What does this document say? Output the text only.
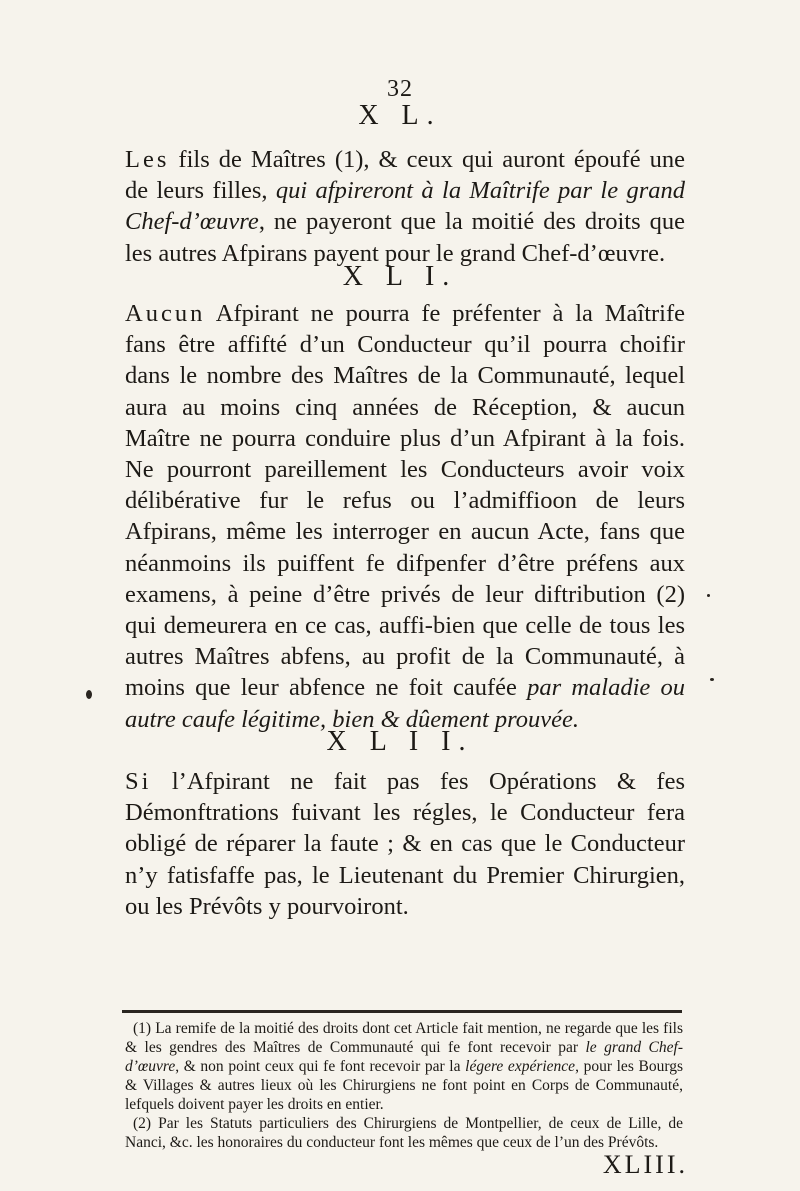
32
X L.
Les fils de Maîtres (1), & ceux qui auront époufé une de leurs filles, qui afpireront à la Maîtrife par le grand Chef-d’œuvre, ne payeront que la moitié des droits que les autres Afpirans payent pour le grand Chef-d’œuvre.
X L I.
Aucun Afpirant ne pourra fe préfenter à la Maîtrife fans être affifté d’un Conducteur qu’il pourra choifir dans le nombre des Maîtres de la Communauté, lequel aura au moins cinq années de Réception, & aucun Maître ne pourra conduire plus d’un Afpirant à la fois. Ne pourront pareillement les Conducteurs avoir voix délibérative fur le refus ou l’admiffioon de leurs Afpirans, même les interroger en aucun Acte, fans que néanmoins ils puiffent fe difpenfer d’être préfens aux examens, à peine d’être privés de leur diftribution (2) qui demeurera en ce cas, auffi-bien que celle de tous les autres Maîtres abfens, au profit de la Communauté, à moins que leur abfence ne foit caufée par maladie ou autre caufe légitime, bien & dûement prouvée.
X L I I.
Si l’Afpirant ne fait pas fes Opérations & fes Démonftrations fuivant les régles, le Conducteur fera obligé de réparer la faute ; & en cas que le Conducteur n’y fatisfaffe pas, le Lieutenant du Premier Chirurgien, ou les Prévôts y pourvoiront.

(1) La remife de la moitié des droits dont cet Article fait mention, ne regarde que les fils & les gendres des Maîtres de Communauté qui fe font recevoir par le grand Chef-d’œuvre, & non point ceux qui fe font recevoir par la légere expérience, pour les Bourgs & Villages & autres lieux où les Chirurgiens ne font point en Corps de Communauté, lefquels doivent payer les droits en entier.

(2) Par les Statuts particuliers des Chirurgiens de Montpellier, de ceux de Lille, de Nanci, &c. les honoraires du conducteur font les mêmes que ceux de l’un des Prévôts.

XLIII.
